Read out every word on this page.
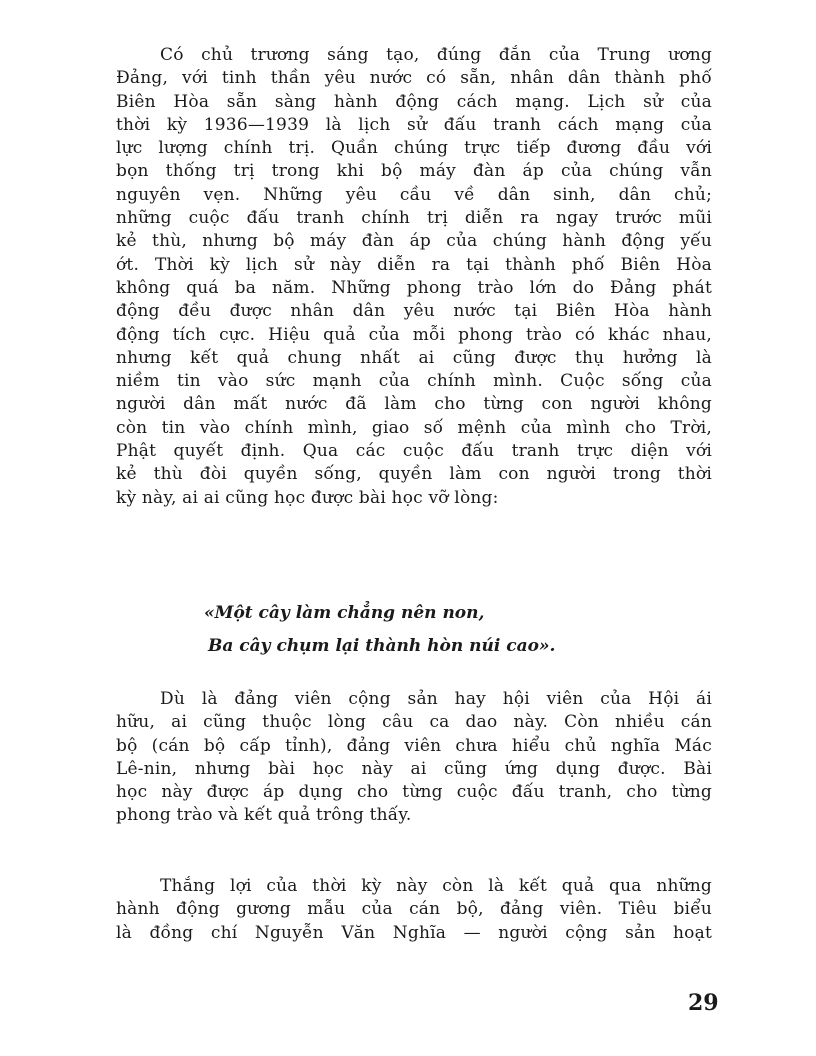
Có chủ trương sáng tạo, đúng đắn của Trung ương
Đảng, với tinh thần yêu nước có sẵn, nhân dân thành phố
Biên Hòa sẵn sàng hành động cách mạng. Lịch sử của
thời kỳ 1936—1939 là lịch sử đấu tranh cách mạng của
lực lượng chính trị. Quần chúng trực tiếp đương đầu với
bọn thống trị trong khi bộ máy đàn áp của chúng vẫn
nguyên vẹn. Những yêu cầu về dân sinh, dân chủ;
những cuộc đấu tranh chính trị diễn ra ngay trước mũi
kẻ thù, nhưng bộ máy đàn áp của chúng hành động yếu
ớt. Thời kỳ lịch sử này diễn ra tại thành phố Biên Hòa
không quá ba năm. Những phong trào lớn do Đảng phát
động đều được nhân dân yêu nước tại Biên Hòa hành
động tích cực. Hiệu quả của mỗi phong trào có khác nhau,
nhưng kết quả chung nhất ai cũng được thụ hưởng là
niềm tin vào sức mạnh của chính mình. Cuộc sống của
người dân mất nước đã làm cho từng con người không
còn tin vào chính mình, giao số mệnh của mình cho Trời,
Phật quyết định. Qua các cuộc đấu tranh trực diện với
kẻ thù đòi quyền sống, quyền làm con người trong thời
kỳ này, ai ai cũng học được bài học vỡ lòng:
«Một cây làm chẳng nên non,
Ba cây chụm lại thành hòn núi cao».
Dù là đảng viên cộng sản hay hội viên của Hội ái
hữu, ai cũng thuộc lòng câu ca dao này. Còn nhiều cán
bộ (cán bộ cấp tỉnh), đảng viên chưa hiểu chủ nghĩa Mác
Lê-nin, nhưng bài học này ai cũng ứng dụng được. Bài
học này được áp dụng cho từng cuộc đấu tranh, cho từng
phong trào và kết quả trông thấy.
Thắng lợi của thời kỳ này còn là kết quả qua những
hành động gương mẫu của cán bộ, đảng viên. Tiêu biểu
là đồng chí Nguyễn Văn Nghĩa — người cộng sản hoạt
29
